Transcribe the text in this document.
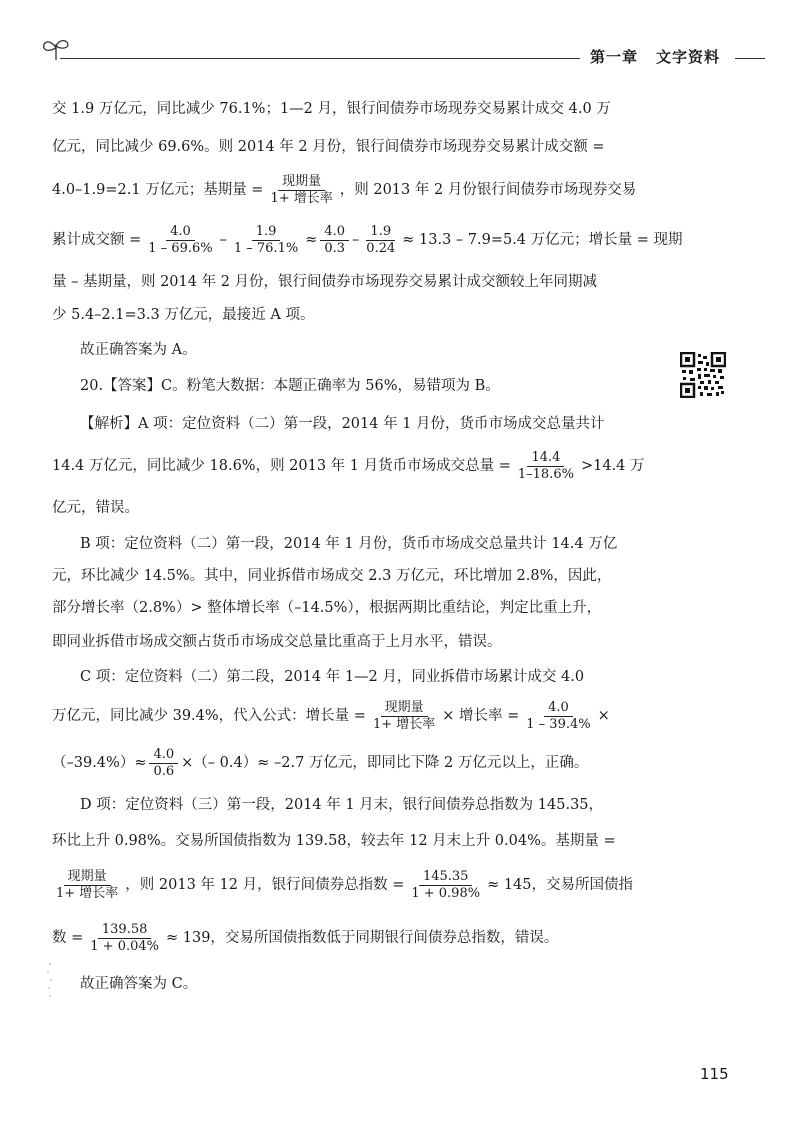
第一章 文字资料
交 1.9 万亿元，同比减少 76.1%；1—2 月，银行间债券市场现券交易累计成交 4.0 万
亿元，同比减少 69.6%。则 2014 年 2 月份，银行间债券市场现券交易累计成交额 =
4.0–1.9=2.1 万亿元；基期量 = $\frac{\text{现期量}}{\text{1+ 增长率}}$ ，则 2013 年 2 月份银行间债券市场现券交易
累计成交额 = $\frac{4.0}{1 - 69.6\%} - \frac{1.9}{1 - 76.1\%} \approx \frac{4.0}{0.3} - \frac{1.9}{0.24} \approx 13.3 - 7.9=5.4$ 万亿元；增长量 = 现期
量 – 基期量，则 2014 年 2 月份，银行间债券市场现券交易累计成交额较上年同期减
少 5.4–2.1=3.3 万亿元，最接近 A 项。
故正确答案为 A。
20.【答案】C。粉笔大数据：本题正确率为 56%，易错项为 B。
【解析】A 项：定位资料（二）第一段，2014 年 1 月份，货币市场成交总量共计
14.4 万亿元，同比减少 18.6%，则 2013 年 1 月货币市场成交总量 = $\frac{14.4}{1-18.6\%} >14.4$ 万
亿元，错误。
B 项：定位资料（二）第一段，2014 年 1 月份，货币市场成交总量共计 14.4 万亿
元，环比减少 14.5%。其中，同业拆借市场成交 2.3 万亿元，环比增加 2.8%，因此，
部分增长率（2.8%）> 整体增长率（–14.5%），根据两期比重结论，判定比重上升，
即同业拆借市场成交额占货币市场成交总量比重高于上月水平，错误。
C 项：定位资料（二）第二段，2014 年 1—2 月，同业拆借市场累计成交 4.0
万亿元，同比减少 39.4%，代入公式：增长量 = $\frac{\text{现期量}}{\text{1+ 增长率}}$ × 增长率 = $\frac{4.0}{1 - 39.4\%}$ ×
$(-39.4\%)\approx \frac{4.0}{0.6}$ ×（– 0.4）≈ –2.7 万亿元，即同比下降 2 万亿元以上，正确。
D 项：定位资料（三）第一段，2014 年 1 月末，银行间债券总指数为 145.35，
环比上升 0.98%。交易所国债指数为 139.58，较去年 12 月末上升 0.04%。基期量 =
$\frac{\text{现期量}}{\text{1+ 增长率}}$ ，则 2013 年 12 月，银行间债券总指数 = $\frac{145.35}{1 + 0.98\%} \approx 145$，交易所国债指
数 = $\frac{139.58}{1 + 0.04\%} \approx 139$，交易所国债指数低于同期银行间债券总指数，错误。
故正确答案为 C。
115
